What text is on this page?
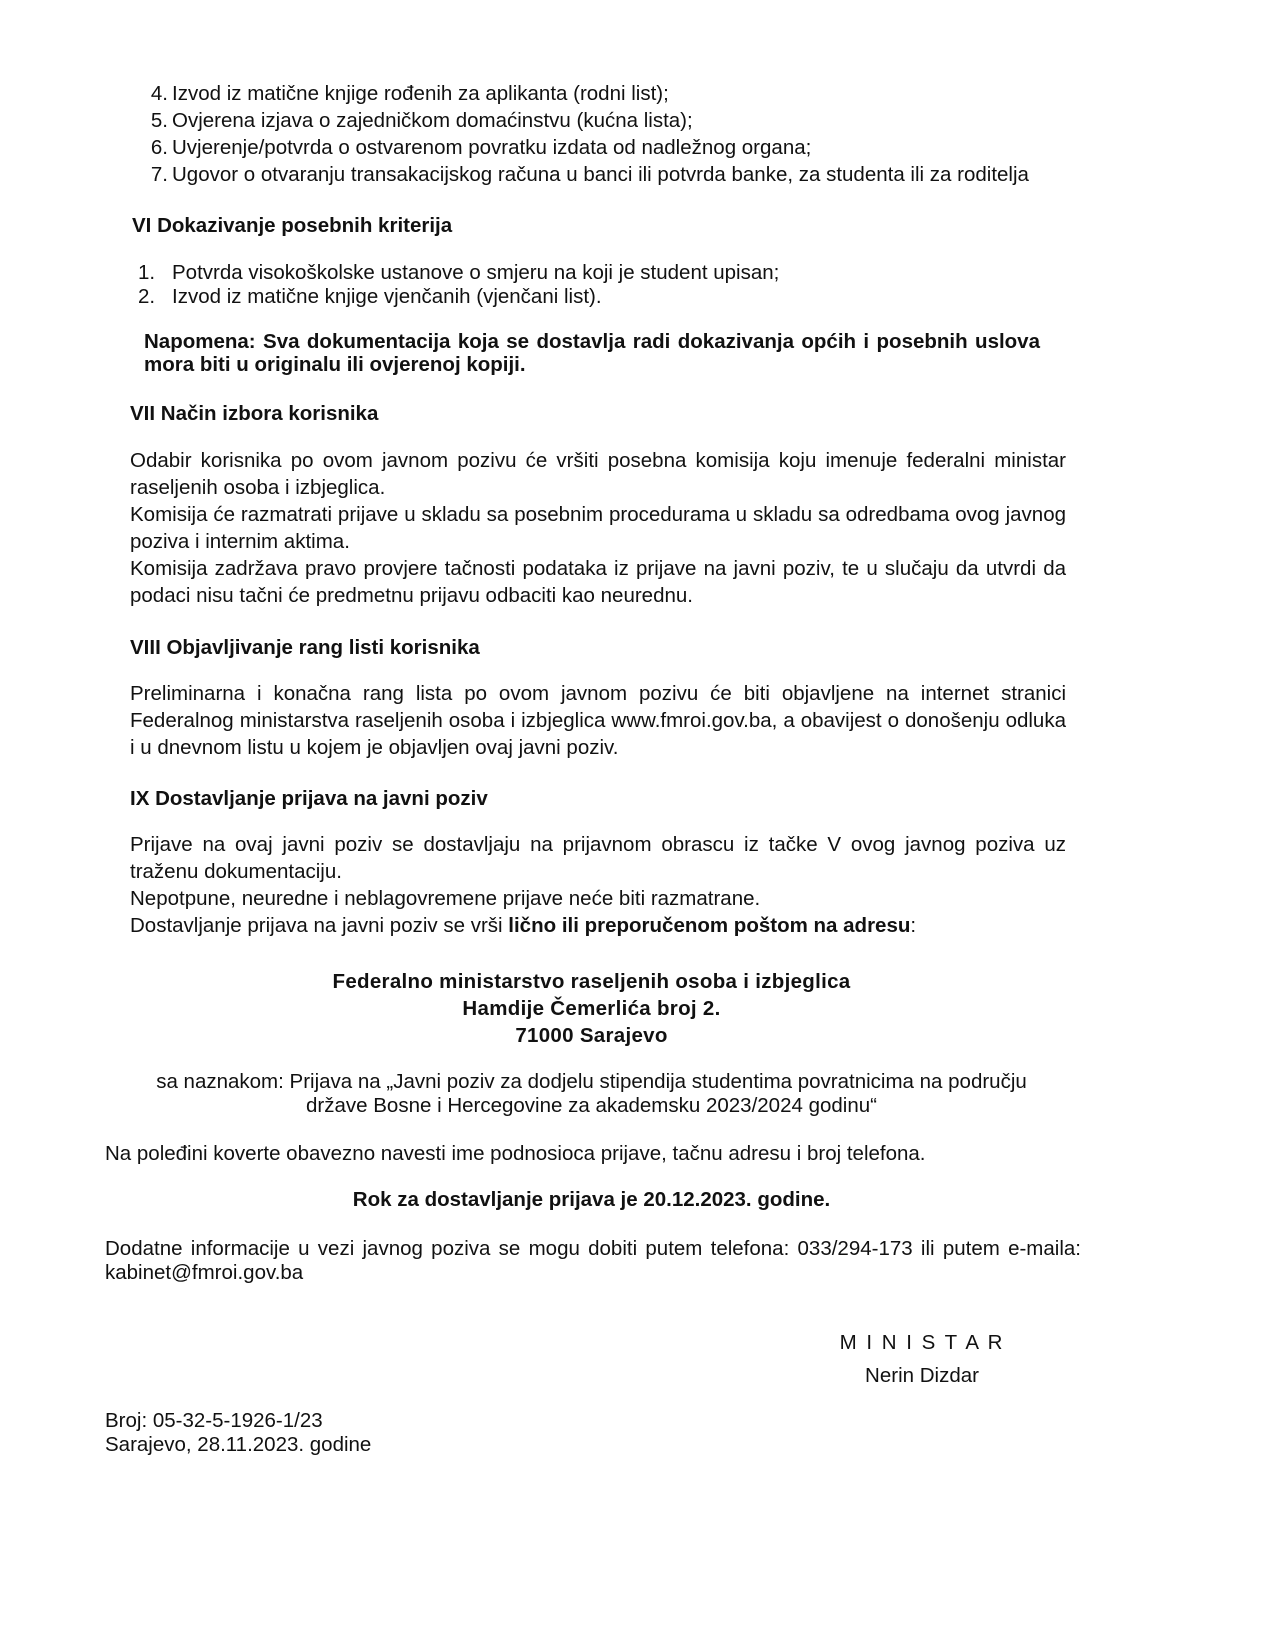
4. Izvod iz matične knjige rođenih za aplikanta (rodni list);
5. Ovjerena izjava o zajedničkom domaćinstvu (kućna lista);
6. Uvjerenje/potvrda o ostvarenom povratku izdata od nadležnog organa;
7. Ugovor o otvaranju transakacijskog računa u banci ili potvrda banke, za studenta ili za roditelja
VI Dokazivanje posebnih kriterija
1. Potvrda visokoškolske ustanove o smjeru na koji je student upisan;
2. Izvod iz matične knjige vjenčanih (vjenčani list).
Napomena: Sva dokumentacija koja se dostavlja radi dokazivanja općih i posebnih uslova
mora biti u originalu ili ovjerenoj kopiji.
VII Način izbora korisnika

Odabir korisnika po ovom javnom pozivu će vršiti posebna komisija koju imenuje federalni ministar raseljenih osoba i izbjeglica.

Komisija će razmatrati prijave u skladu sa posebnim procedurama u skladu sa odredbama ovog javnog poziva i internim aktima.

Komisija zadržava pravo provjere tačnosti podataka iz prijave na javni poziv, te u slučaju da utvrdi da podaci nisu tačni će predmetnu prijavu odbaciti kao neurednu.

VIII Objavljivanje rang listi korisnika

Preliminarna i konačna rang lista po ovom javnom pozivu će biti objavljene na internet stranici Federalnog ministarstva raseljenih osoba i izbjeglica www.fmroi.gov.ba, a obavijest o donošenju odluka i u dnevnom listu u kojem je objavljen ovaj javni poziv.

IX Dostavljanje prijava na javni poziv

Prijave na ovaj javni poziv se dostavljaju na prijavnom obrascu iz tačke V ovog javnog poziva uz traženu dokumentaciju.

Nepotpune, neuredne i neblagovremene prijave neće biti razmatrane.

Dostavljanje prijava na javni poziv se vrši lično ili preporučenom poštom na adresu:

Federalno ministarstvo raseljenih osoba i izbjeglica
Hamdije Čemerlića broj 2.
71000 Sarajevo
sa naznakom: Prijava na „Javni poziv za dodjelu stipendija studentima povratnicima na području
države Bosne i Hercegovine za akademsku 2023/2024 godinu“

Na poleđini koverte obavezno navesti ime podnosioca prijave, tačnu adresu i broj telefona.

Rok za dostavljanje prijava je 20.12.2023. godine.

Dodatne informacije u vezi javnog poziva se mogu dobiti putem telefona: 033/294-173 ili putem e-maila:
kabinet@fmroi.gov.ba
M I N I S T A R
Nerin Dizdar
Broj: 05-32-5-1926-1/23
Sarajevo, 28.11.2023. godine
